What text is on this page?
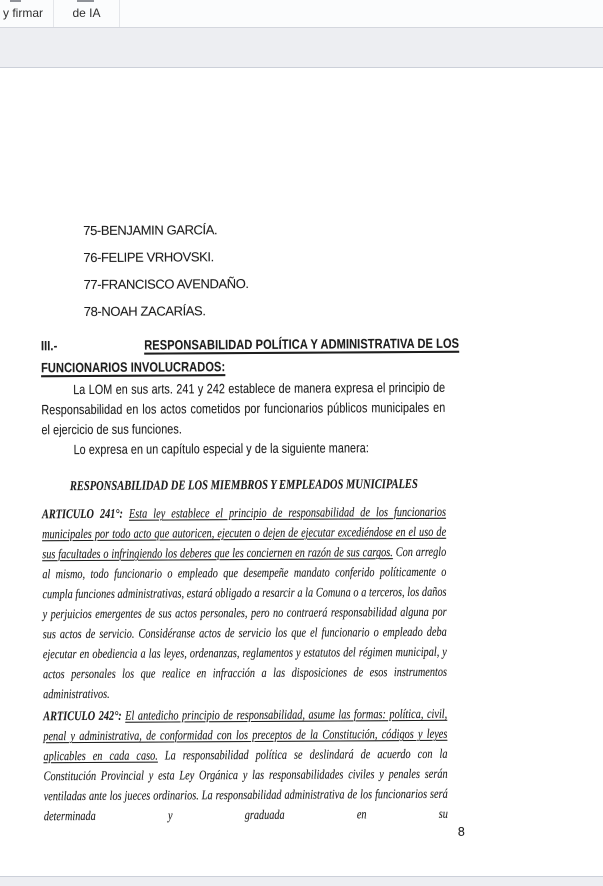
y firmar	de IA
75-BENJAMIN GARCÍA.
76-FELIPE VRHOVSKI.
77-FRANCISCO AVENDAÑO.
78-NOAH ZACARÍAS.
III.-	RESPONSABILIDAD POLÍTICA Y ADMINISTRATIVA DE LOS
FUNCIONARIOS INVOLUCRADOS:
La LOM en sus arts. 241 y 242 establece de manera expresa el principio de Responsabilidad en los actos cometidos por funcionarios públicos municipales en el ejercicio de sus funciones.
Lo expresa en un capítulo especial y de la siguiente manera:
RESPONSABILIDAD DE LOS MIEMBROS Y EMPLEADOS MUNICIPALES
ARTICULO 241°: Esta ley establece el principio de responsabilidad de los funcionarios municipales por todo acto que autoricen, ejecuten o dejen de ejecutar excediéndose en el uso de sus facultades o infringiendo los deberes que les conciernen en razón de sus cargos. Con arreglo al mismo, todo funcionario o empleado que desempeñe mandato conferido políticamente o cumpla funciones administrativas, estará obligado a resarcir a la Comuna o a terceros, los daños y perjuicios emergentes de sus actos personales, pero no contraerá responsabilidad alguna por sus actos de servicio. Considéranse actos de servicio los que el funcionario o empleado deba ejecutar en obediencia a las leyes, ordenanzas, reglamentos y estatutos del régimen municipal, y actos personales los que realice en infracción a las disposiciones de esos instrumentos administrativos.
ARTICULO 242°: El antedicho principio de responsabilidad, asume las formas: política, civil, penal y administrativa, de conformidad con los preceptos de la Constitución, códigos y leyes aplicables en cada caso. La responsabilidad política se deslindará de acuerdo con la Constitución Provincial y esta Ley Orgánica y las responsabilidades civiles y penales serán ventiladas ante los jueces ordinarios. La responsabilidad administrativa de los funcionarios será determinada y graduada en su
8
